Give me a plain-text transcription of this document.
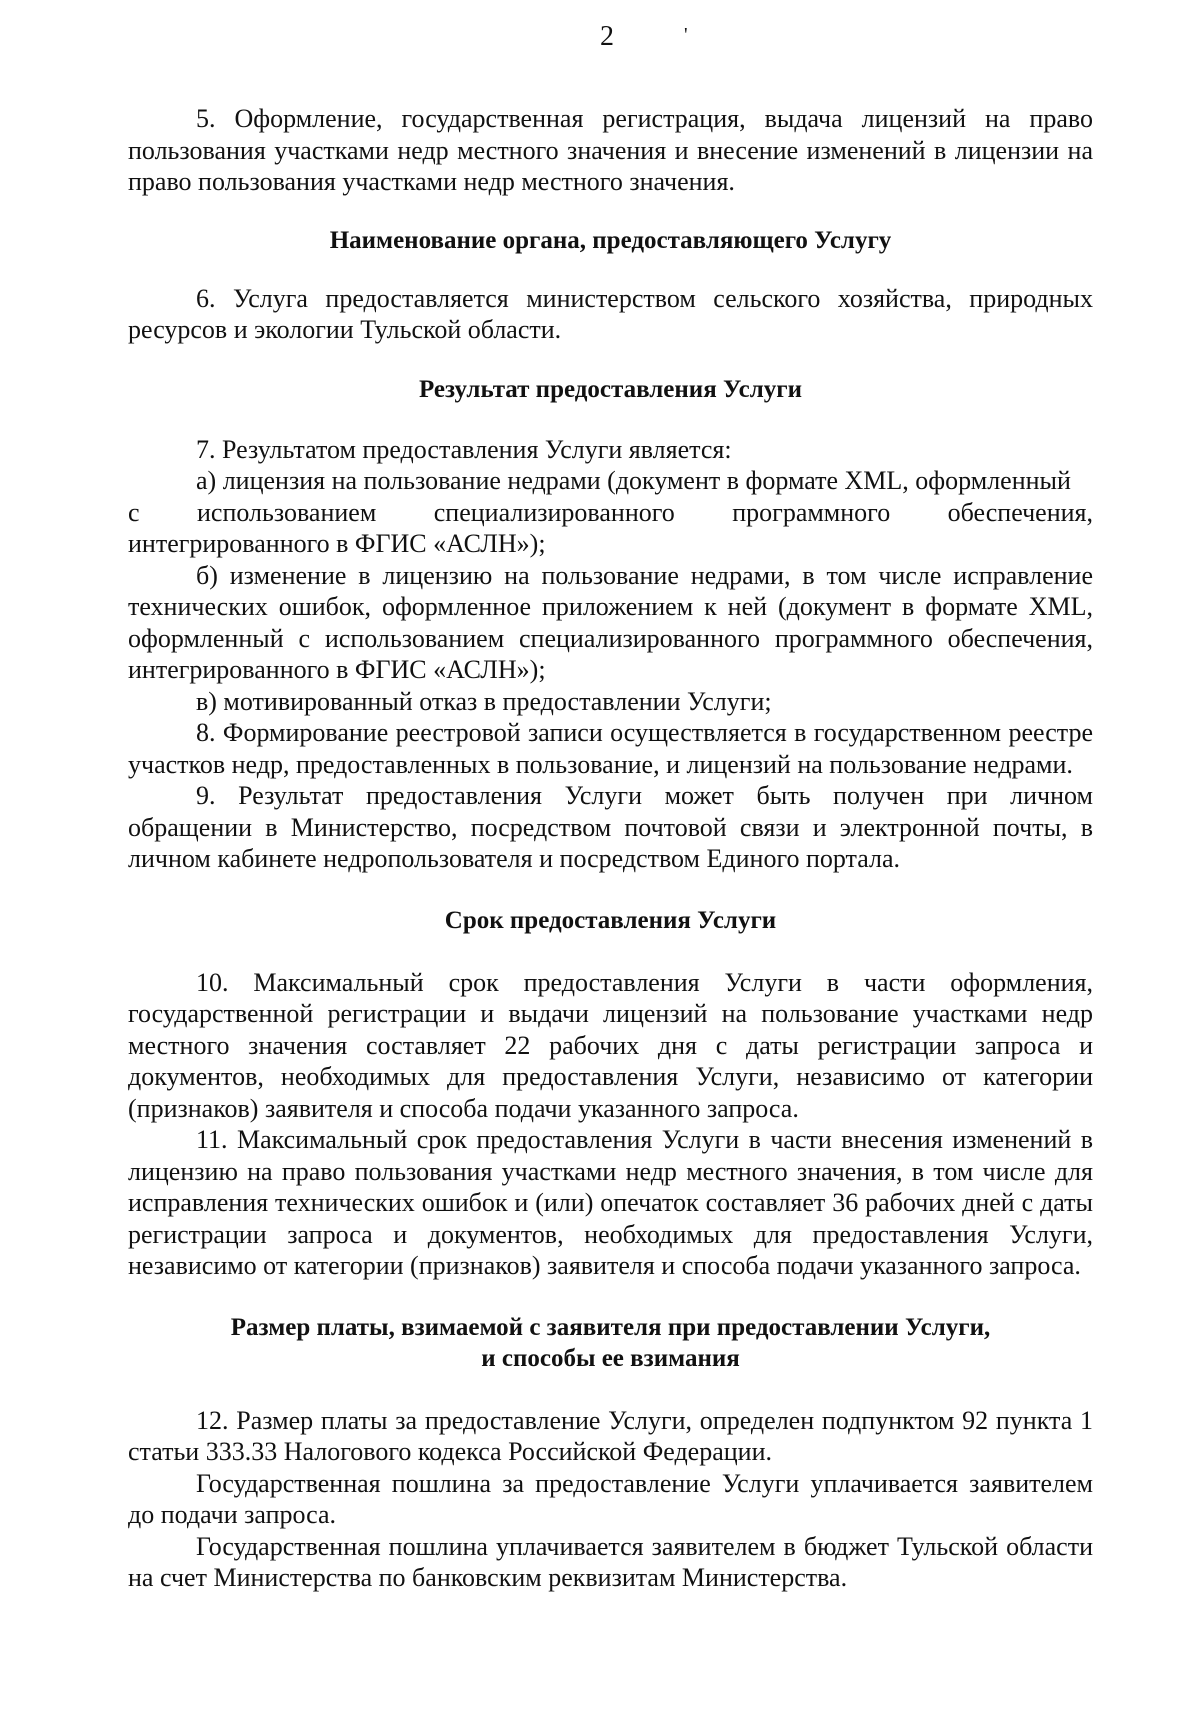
2	'

5. Оформление, государственная регистрация, выдача лицензий на право пользования участками недр местного значения и внесение изменений в лицензии на право пользования участками недр местного значения.

Наименование органа, предоставляющего Услугу

6. Услуга предоставляется министерством сельского хозяйства, природных ресурсов и экологии Тульской области.

Результат предоставления Услуги

7. Результатом предоставления Услуги является:

а) лицензия на пользование недрами (документ в формате XML, оформленный

с использованием специализированного программного обеспечения,

интегрированного в ФГИС «АСЛН»);

б) изменение в лицензию на пользование недрами, в том числе исправление технических ошибок, оформленное приложением к ней (документ в формате XML, оформленный с использованием специализированного программного обеспечения, интегрированного в ФГИС «АСЛН»);

в) мотивированный отказ в предоставлении Услуги;

8. Формирование реестровой записи осуществляется в государственном реестре участков недр, предоставленных в пользование, и лицензий на пользование недрами.

9. Результат предоставления Услуги может быть получен при личном обращении в Министерство, посредством почтовой связи и электронной почты, в личном кабинете недропользователя и посредством Единого портала.

Срок предоставления Услуги

10. Максимальный срок предоставления Услуги в части оформления, государственной регистрации и выдачи лицензий на пользование участками недр местного значения составляет 22 рабочих дня с даты регистрации запроса и документов, необходимых для предоставления Услуги, независимо от категории (признаков) заявителя и способа подачи указанного запроса.

11. Максимальный срок предоставления Услуги в части внесения изменений в лицензию на право пользования участками недр местного значения, в том числе для исправления технических ошибок и (или) опечаток составляет 36 рабочих дней с даты регистрации запроса и документов, необходимых для предоставления Услуги, независимо от категории (признаков) заявителя и способа подачи указанного запроса.

Размер платы, взимаемой с заявителя при предоставлении Услуги,
и способы ее взимания

12. Размер платы за предоставление Услуги, определен подпунктом 92 пункта 1 статьи 333.33 Налогового кодекса Российской Федерации.

Государственная пошлина за предоставление Услуги уплачивается заявителем до подачи запроса.

Государственная пошлина уплачивается заявителем в бюджет Тульской области на счет Министерства по банковским реквизитам Министерства.
